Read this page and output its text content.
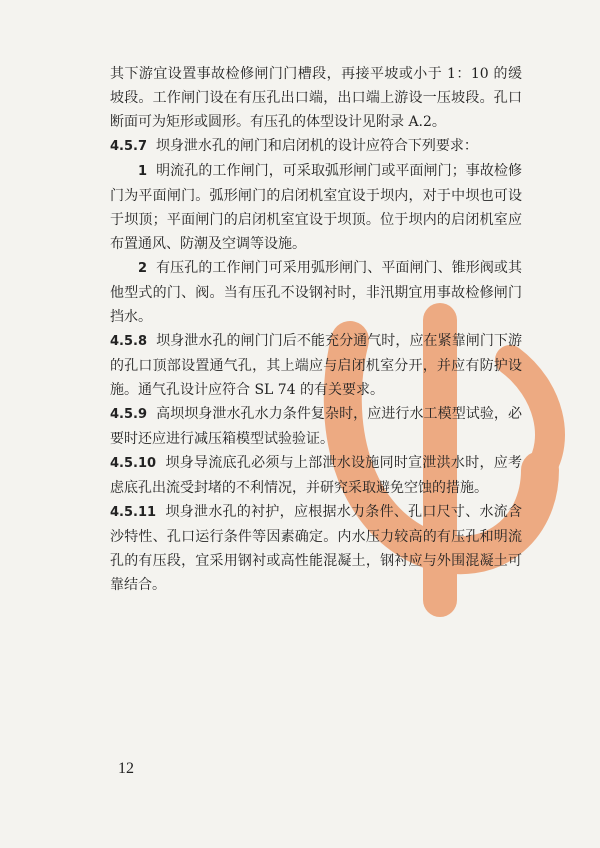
其下游宜设置事故检修闸门门槽段，再接平坡或小于 1：10 的缓坡段。工作闸门设在有压孔出口端，出口端上游设一压坡段。孔口断面可为矩形或圆形。有压孔的体型设计见附录 A.2。

4.5.7 坝身泄水孔的闸门和启闭机的设计应符合下列要求：

1 明流孔的工作闸门，可采取弧形闸门或平面闸门；事故检修门为平面闸门。弧形闸门的启闭机室宜设于坝内，对于中坝也可设于坝顶；平面闸门的启闭机室宜设于坝顶。位于坝内的启闭机室应布置通风、防潮及空调等设施。

2 有压孔的工作闸门可采用弧形闸门、平面闸门、锥形阀或其他型式的门、阀。当有压孔不设钢衬时，非汛期宜用事故检修闸门挡水。

4.5.8 坝身泄水孔的闸门门后不能充分通气时，应在紧靠闸门下游的孔口顶部设置通气孔，其上端应与启闭机室分开，并应有防护设施。通气孔设计应符合 SL 74 的有关要求。

4.5.9 高坝坝身泄水孔水力条件复杂时，应进行水工模型试验，必要时还应进行减压箱模型试验验证。

4.5.10 坝身导流底孔必须与上部泄水设施同时宣泄洪水时，应考虑底孔出流受封堵的不利情况，并研究采取避免空蚀的措施。

4.5.11 坝身泄水孔的衬护，应根据水力条件、孔口尺寸、水流含沙特性、孔口运行条件等因素确定。内水压力较高的有压孔和明流孔的有压段，宜采用钢衬或高性能混凝土，钢衬应与外围混凝土可靠结合。

12
